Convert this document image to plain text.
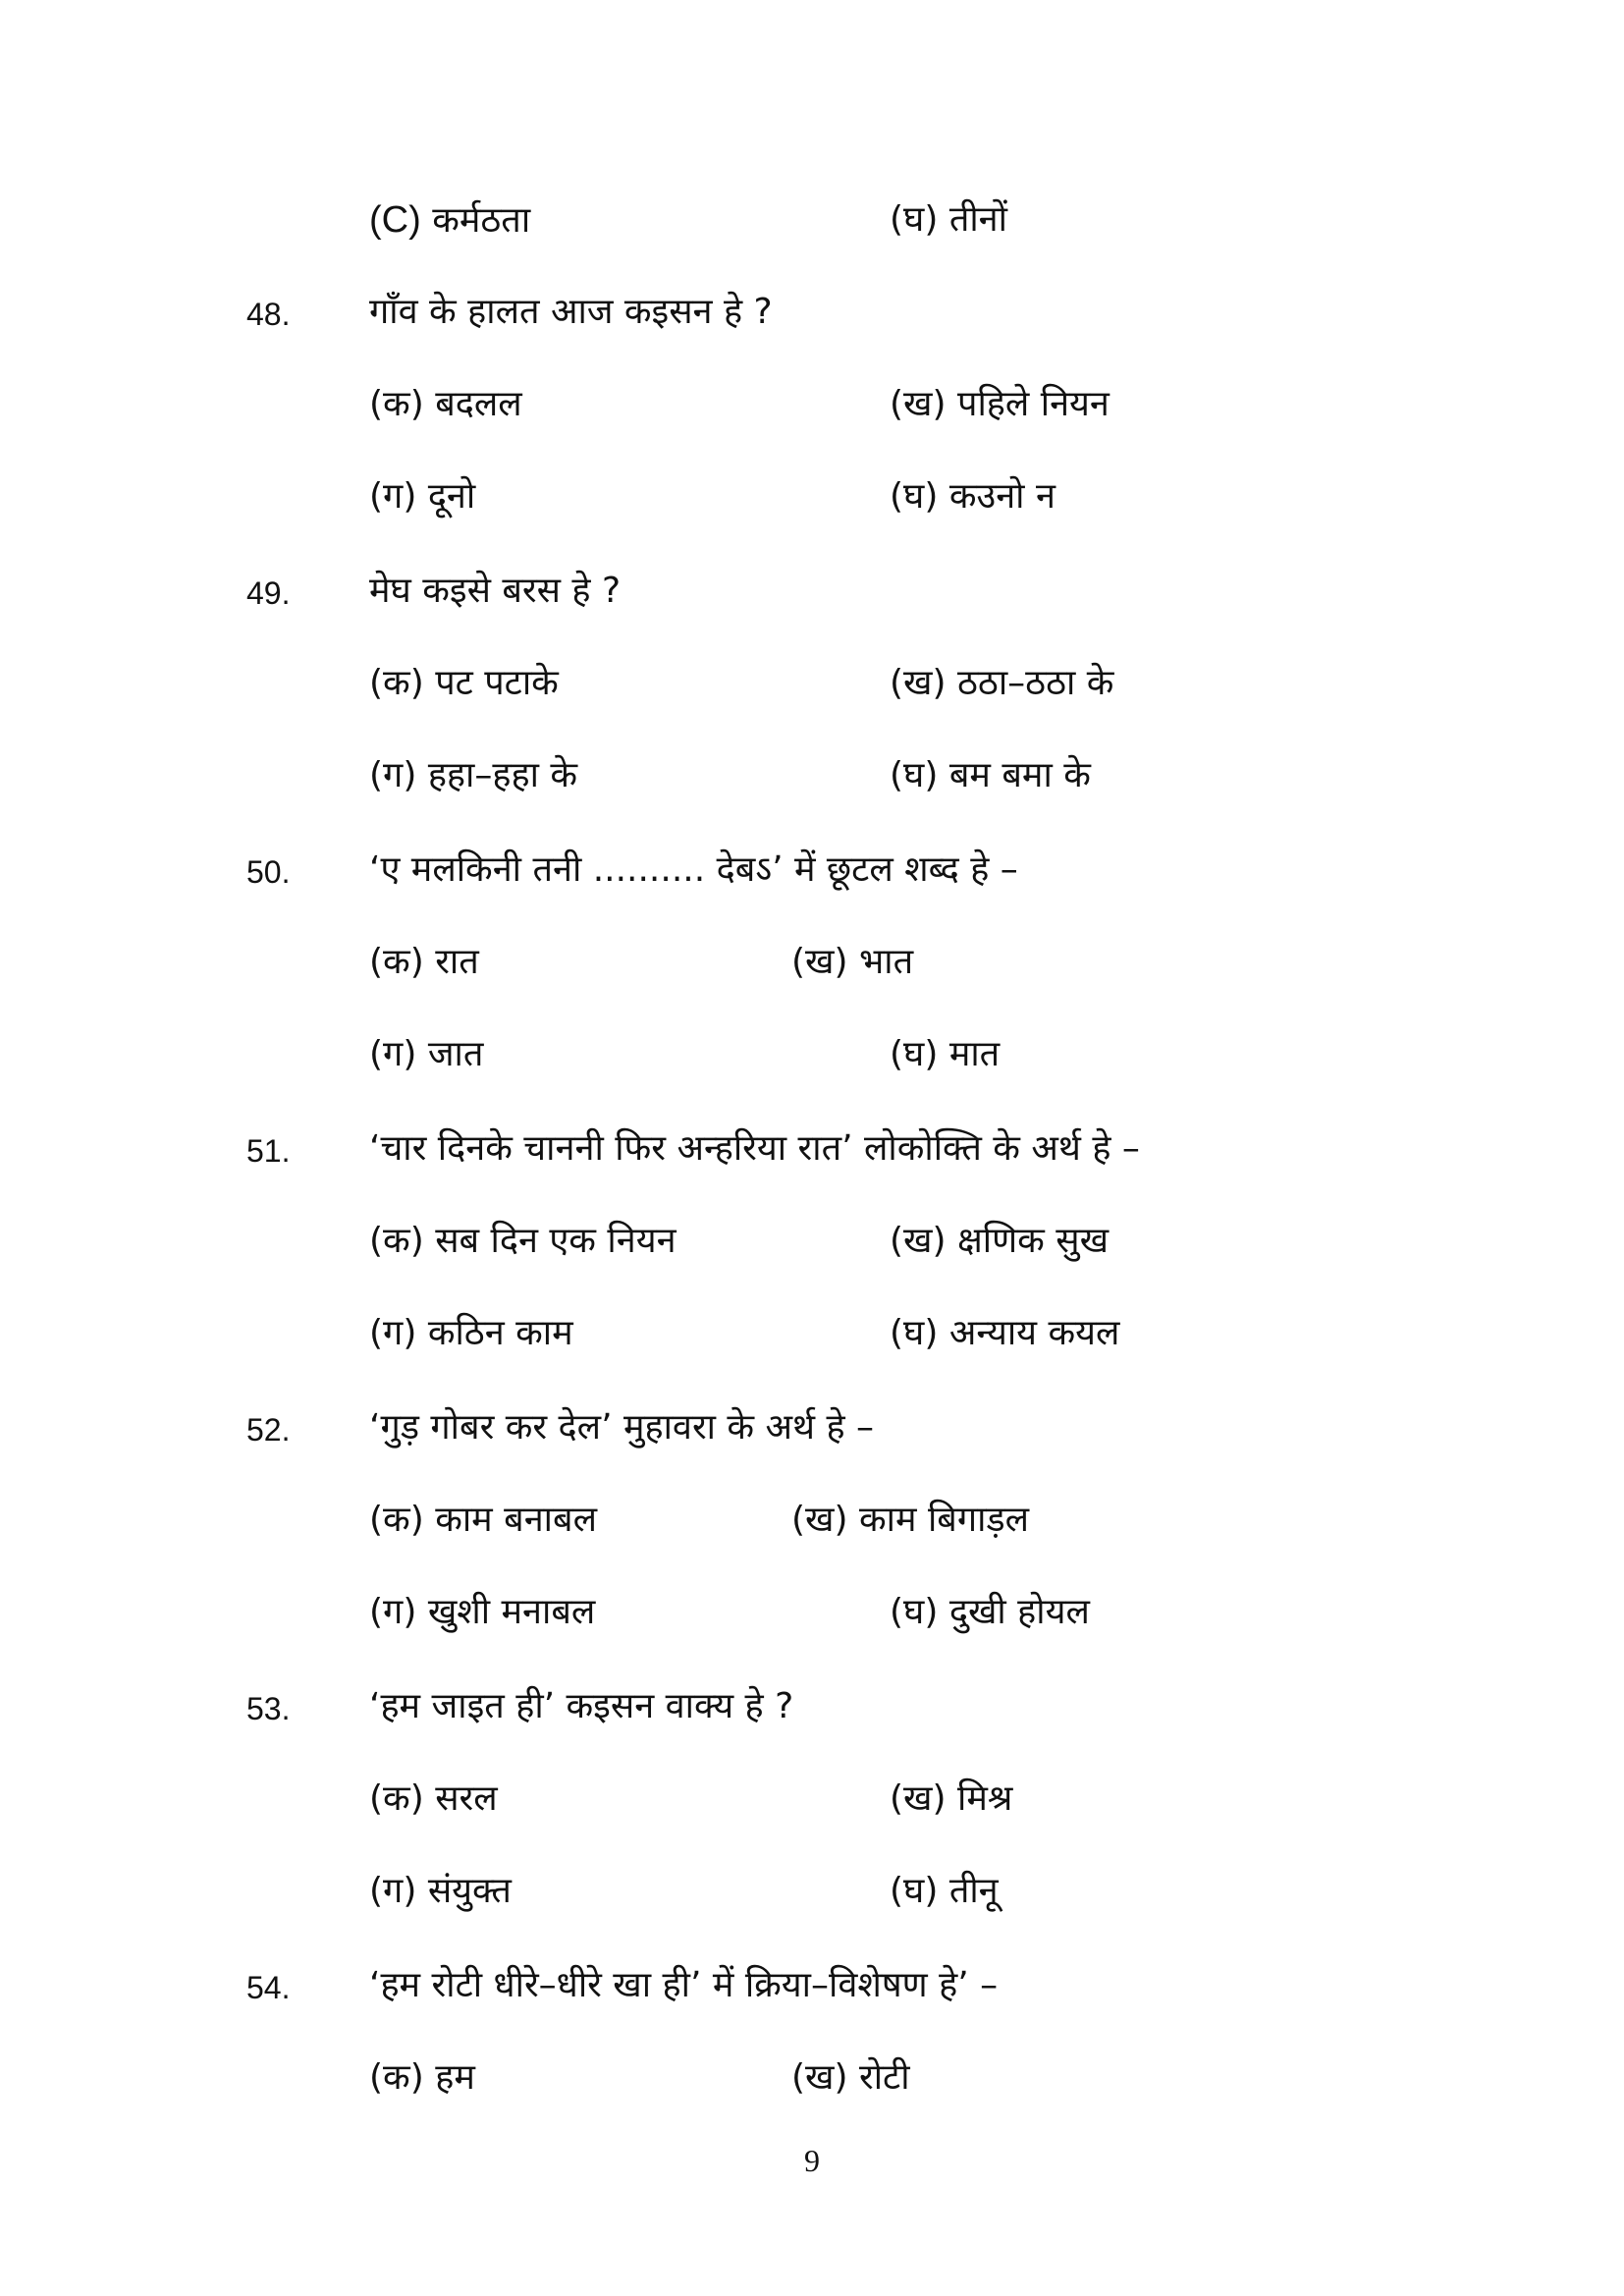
(C) कर्मठता	(घ) तीनों
48. गाँव के हालत आज कइसन हे ?
(क) बदलल	(ख) पहिले नियन
(ग) दूनो	(घ) कउनो न
49. मेघ कइसे बरस हे ?
(क) पट पटाके	(ख) ठठा–ठठा के
(ग) हहा–हहा के	(घ) बम बमा के
50. ‘ए मलकिनी तनी .......... देबऽ’ में छूटल शब्द हे –
(क) रात	(ख) भात
(ग) जात	(घ) मात
51. ‘चार दिनके चाननी फिर अन्हरिया रात’ लोकोक्ति के अर्थ हे –
(क) सब दिन एक नियन	(ख) क्षणिक सुख
(ग) कठिन काम	(घ) अन्याय कयल
52. ‘गुड़ गोबर कर देल’ मुहावरा के अर्थ हे –
(क) काम बनाबल	(ख) काम बिगाड़ल
(ग) खुशी मनाबल	(घ) दुखी होयल
53. ‘हम जाइत ही’ कइसन वाक्य हे ?
(क) सरल	(ख) मिश्र
(ग) संयुक्त	(घ) तीनू
54. ‘हम रोटी धीरे–धीरे खा ही’ में क्रिया–विशेषण हे’ –
(क) हम	(ख) रोटी
9
